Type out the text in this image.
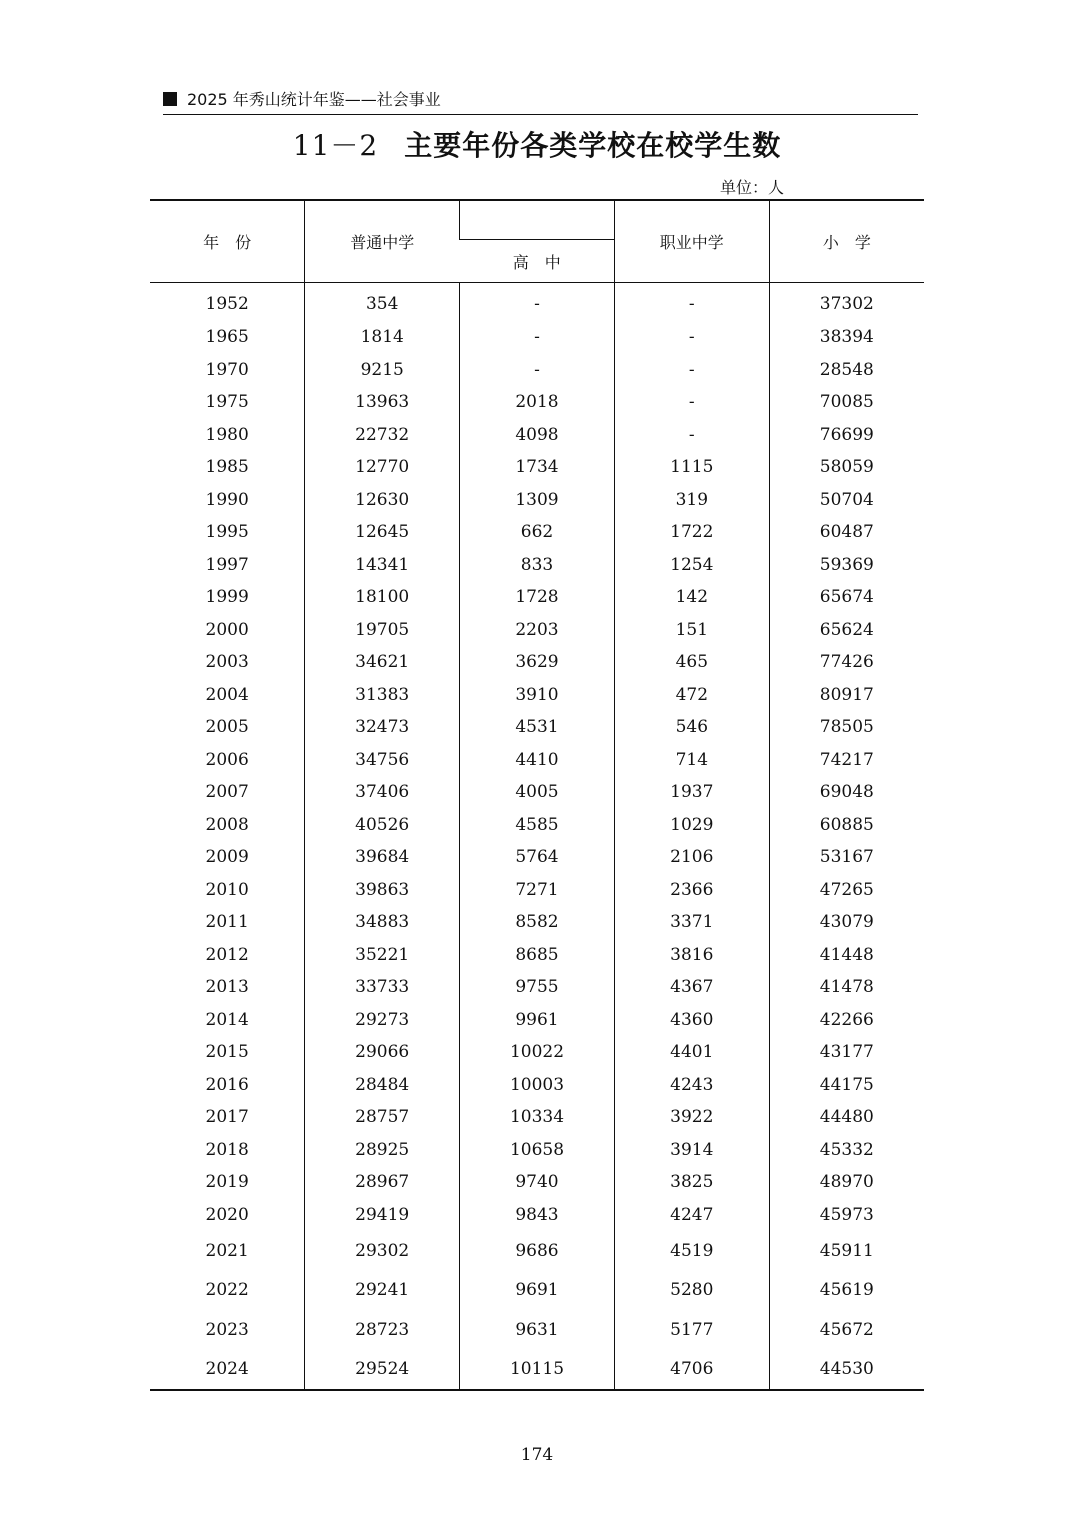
2025 年秀山统计年鉴——社会事业
11－2 主要年份各类学校在校学生数
单位：人
年　份	普通中学		职业中学	小　学
		高　中		
1952	354	-	-	37302
1965	1814	-	-	38394
1970	9215	-	-	28548
1975	13963	2018	-	70085
1980	22732	4098	-	76699
1985	12770	1734	1115	58059
1990	12630	1309	319	50704
1995	12645	662	1722	60487
1997	14341	833	1254	59369
1999	18100	1728	142	65674
2000	19705	2203	151	65624
2003	34621	3629	465	77426
2004	31383	3910	472	80917
2005	32473	4531	546	78505
2006	34756	4410	714	74217
2007	37406	4005	1937	69048
2008	40526	4585	1029	60885
2009	39684	5764	2106	53167
2010	39863	7271	2366	47265
2011	34883	8582	3371	43079
2012	35221	8685	3816	41448
2013	33733	9755	4367	41478
2014	29273	9961	4360	42266
2015	29066	10022	4401	43177
2016	28484	10003	4243	44175
2017	28757	10334	3922	44480
2018	28925	10658	3914	45332
2019	28967	9740	3825	48970
2020	29419	9843	4247	45973
2021	29302	9686	4519	45911
2022	29241	9691	5280	45619
2023	28723	9631	5177	45672
2024	29524	10115	4706	44530
174
